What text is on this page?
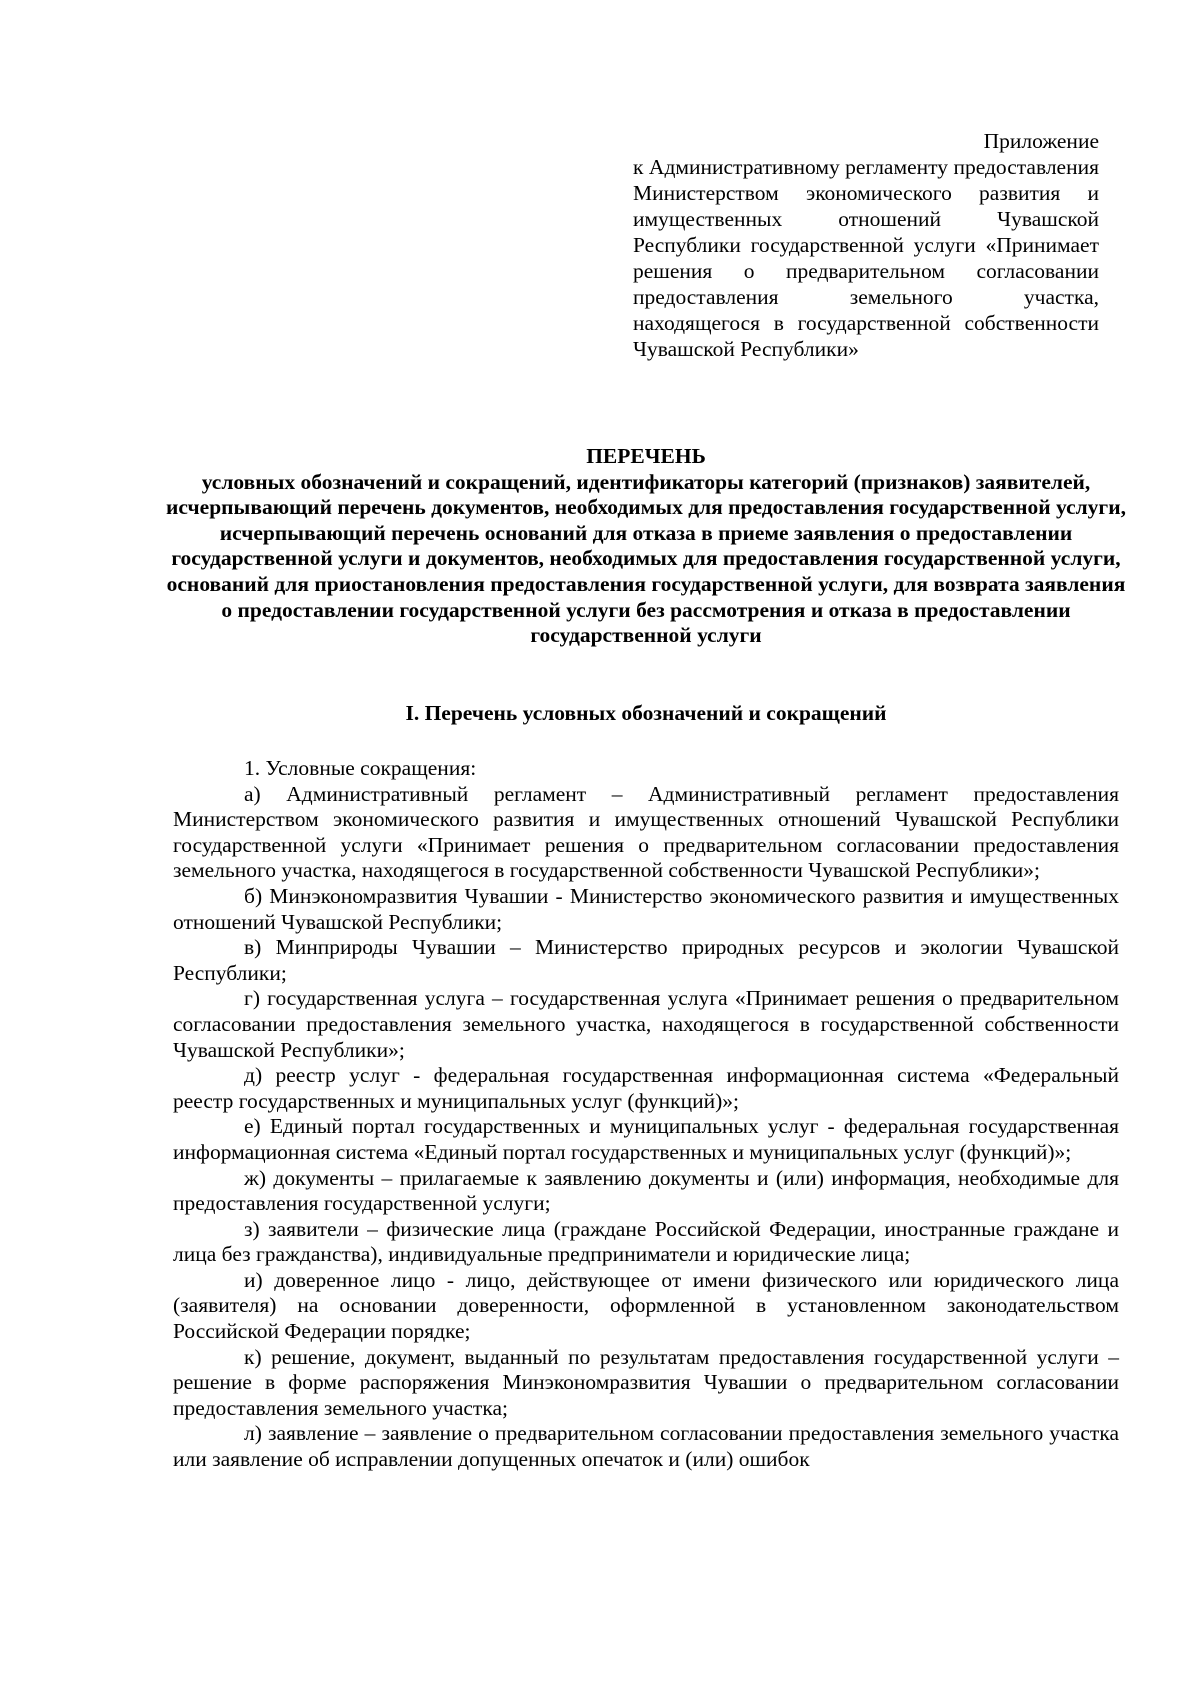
Приложение
к Административному регламенту предоставления Министерством экономического развития и имущественных отношений Чувашской Республики государственной услуги «Принимает решения о предварительном согласовании предоставления земельного участка, находящегося в государственной собственности Чувашской Республики»
ПЕРЕЧЕНЬ
условных обозначений и сокращений, идентификаторы категорий (признаков) заявителей, исчерпывающий перечень документов, необходимых для предоставления государственной услуги, исчерпывающий перечень оснований для отказа в приеме заявления о предоставлении государственной услуги и документов, необходимых для предоставления государственной услуги, оснований для приостановления предоставления государственной услуги, для возврата заявления о предоставлении государственной услуги без рассмотрения и отказа в предоставлении государственной услуги
I. Перечень условных обозначений и сокращений

1. Условные сокращения:

а) Административный регламент – Административный регламент предоставления Министерством экономического развития и имущественных отношений Чувашской Республики государственной услуги «Принимает решения о предварительном согласовании предоставления земельного участка, находящегося в государственной собственности Чувашской Республики»;

б) Минэкономразвития Чувашии - Министерство экономического развития и имущественных отношений Чувашской Республики;

в) Минприроды Чувашии – Министерство природных ресурсов и экологии Чувашской Республики;

г) государственная услуга – государственная услуга «Принимает решения о предварительном согласовании предоставления земельного участка, находящегося в государственной собственности Чувашской Республики»;

д) реестр услуг - федеральная государственная информационная система «Федеральный реестр государственных и муниципальных услуг (функций)»;

е) Единый портал государственных и муниципальных услуг - федеральная государственная информационная система «Единый портал государственных и муниципальных услуг (функций)»;

ж) документы – прилагаемые к заявлению документы и (или) информация, необходимые для предоставления государственной услуги;

з) заявители – физические лица (граждане Российской Федерации, иностранные граждане и лица без гражданства), индивидуальные предприниматели и юридические лица;

и) доверенное лицо - лицо, действующее от имени физического или юридического лица (заявителя) на основании доверенности, оформленной в установленном законодательством Российской Федерации порядке;

к) решение, документ, выданный по результатам предоставления государственной услуги – решение в форме распоряжения Минэкономразвития Чувашии о предварительном согласовании предоставления земельного участка;

л) заявление – заявление о предварительном согласовании предоставления земельного участка или заявление об исправлении допущенных опечаток и (или) ошибок
